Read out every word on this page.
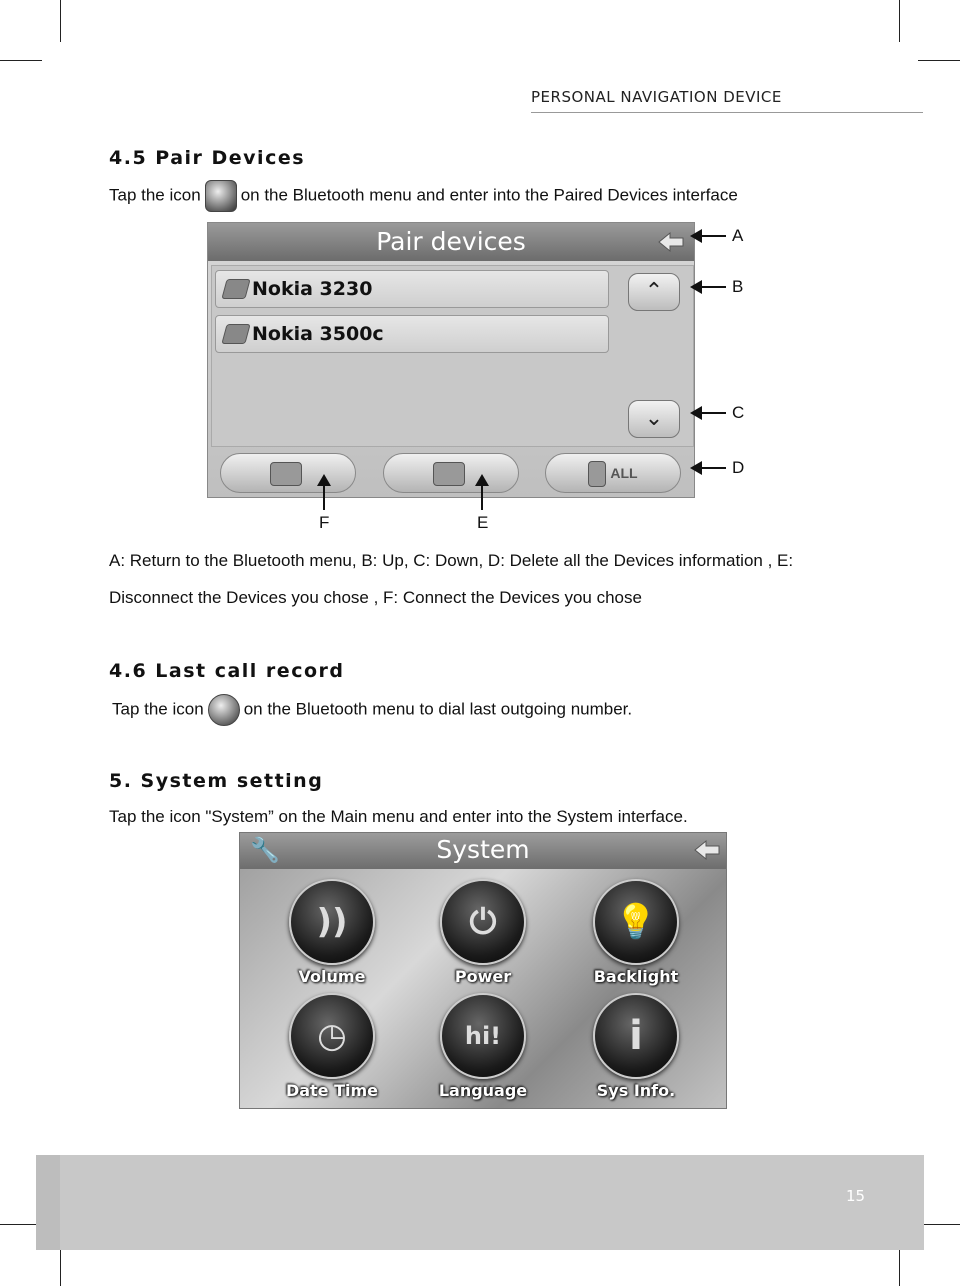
PERSONAL NAVIGATION DEVICE
4.5 Pair Devices

Tap the icon on the Bluetooth menu and enter into the Paired Devices interface

Pair devices
Nokia 3230
Nokia 3500c
⌃
⌄
ALL
A
B
C
D
F	E

A: Return to the Bluetooth menu, B: Up, C: Down, D: Delete all the Devices information , E:

Disconnect the Devices you chose , F: Connect the Devices you chose

4.6 Last call record

Tap the icon on the Bluetooth menu to dial last outgoing number.

5. System setting

Tap the icon "System” on the Main menu and enter into the System interface.

🔧	System
))
Volume
⏻
Power
💡
Backlight
◷
Date Time
hi!
Language
i
Sys Info.
15
